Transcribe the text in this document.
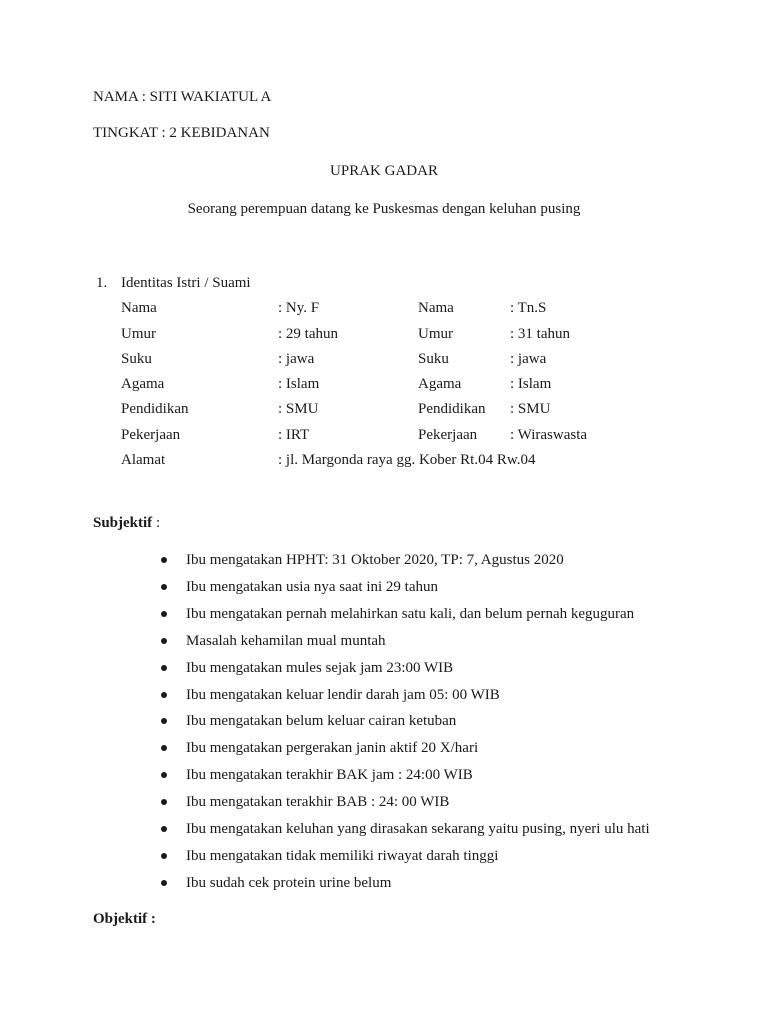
NAMA : SITI WAKIATUL A
TINGKAT : 2 KEBIDANAN
UPRAK GADAR
Seorang perempuan datang ke Puskesmas dengan keluhan pusing
1. Identitas Istri / Suami
Nama	: Ny. F	Nama	: Tn.S
Umur	: 29 tahun	Umur	: 31 tahun
Suku	: jawa	Suku	: jawa
Agama	: Islam	Agama	: Islam
Pendidikan	: SMU	Pendidikan : SMU
Pekerjaan	: IRT	Pekerjaan : Wiraswasta
Alamat	: jl. Margonda raya gg. Kober Rt.04 Rw.04
Subjektif :
Ibu mengatakan HPHT: 31 Oktober 2020, TP: 7, Agustus 2020
Ibu mengatakan usia nya saat ini 29 tahun
Ibu mengatakan pernah melahirkan satu kali, dan belum pernah keguguran
Masalah kehamilan mual muntah
Ibu mengatakan mules sejak jam 23:00 WIB
Ibu mengatakan keluar lendir darah jam 05: 00 WIB
Ibu mengatakan belum keluar cairan ketuban
Ibu mengatakan pergerakan janin aktif 20 X/hari
Ibu mengatakan terakhir BAK jam : 24:00 WIB
Ibu mengatakan terakhir BAB : 24: 00 WIB
Ibu mengatakan keluhan yang dirasakan sekarang yaitu pusing, nyeri ulu hati
Ibu mengatakan tidak memiliki riwayat darah tinggi
Ibu sudah cek protein urine belum
Objektif :
